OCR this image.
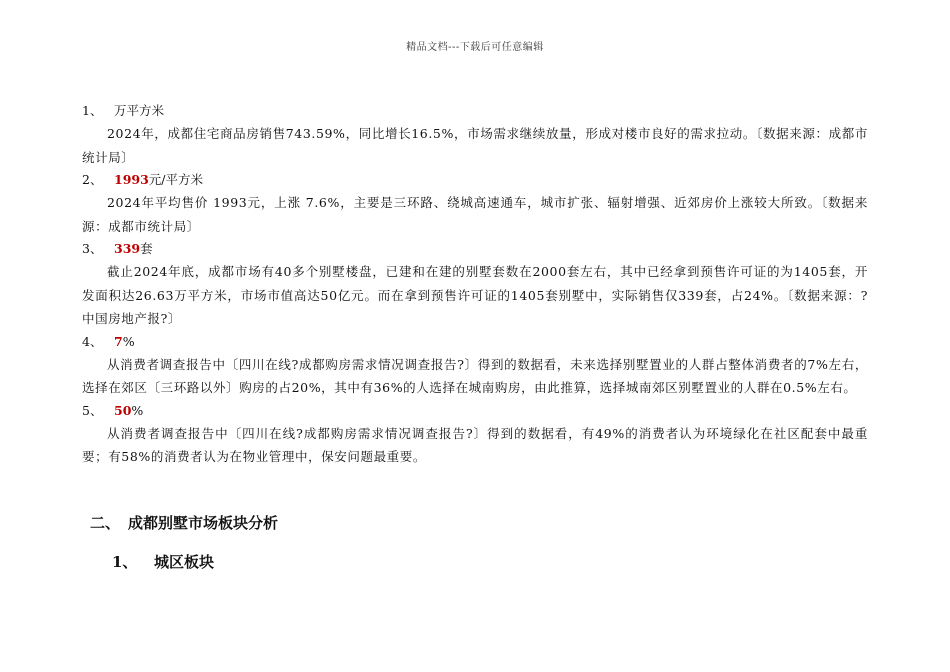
精品文档---下载后可任意编辑
1、 万平方米

2024年，成都住宅商品房销售743.59%，同比增长16.5%，市场需求继续放量，形成对楼市良好的需求拉动。〔数据来源：成都市统计局〕

2、 1993元/平方米

2024年平均售价 1993元，上涨 7.6%，主要是三环路、绕城高速通车，城市扩张、辐射增强、近郊房价上涨较大所致。〔数据来源：成都市统计局〕

3、 339套

截止2024年底，成都市场有40多个别墅楼盘，已建和在建的别墅套数在2000套左右，其中已经拿到预售许可证的为1405套，开发面积达26.63万平方米，市场市值高达50亿元。而在拿到预售许可证的1405套别墅中，实际销售仅339套，占24%。〔数据来源：?中国房地产报?〕

4、 7%

从消费者调查报告中〔四川在线?成都购房需求情况调查报告?〕得到的数据看，未来选择别墅置业的人群占整体消费者的7%左右，选择在郊区〔三环路以外〕购房的占20%，其中有36%的人选择在城南购房，由此推算，选择城南郊区别墅置业的人群在0.5%左右。

5、 50%

从消费者调查报告中〔四川在线?成都购房需求情况调查报告?〕得到的数据看，有49%的消费者认为环境绿化在社区配套中最重要；有58%的消费者认为在物业管理中，保安问题最重要。

二、 成都别墅市场板块分析
1、 城区板块
